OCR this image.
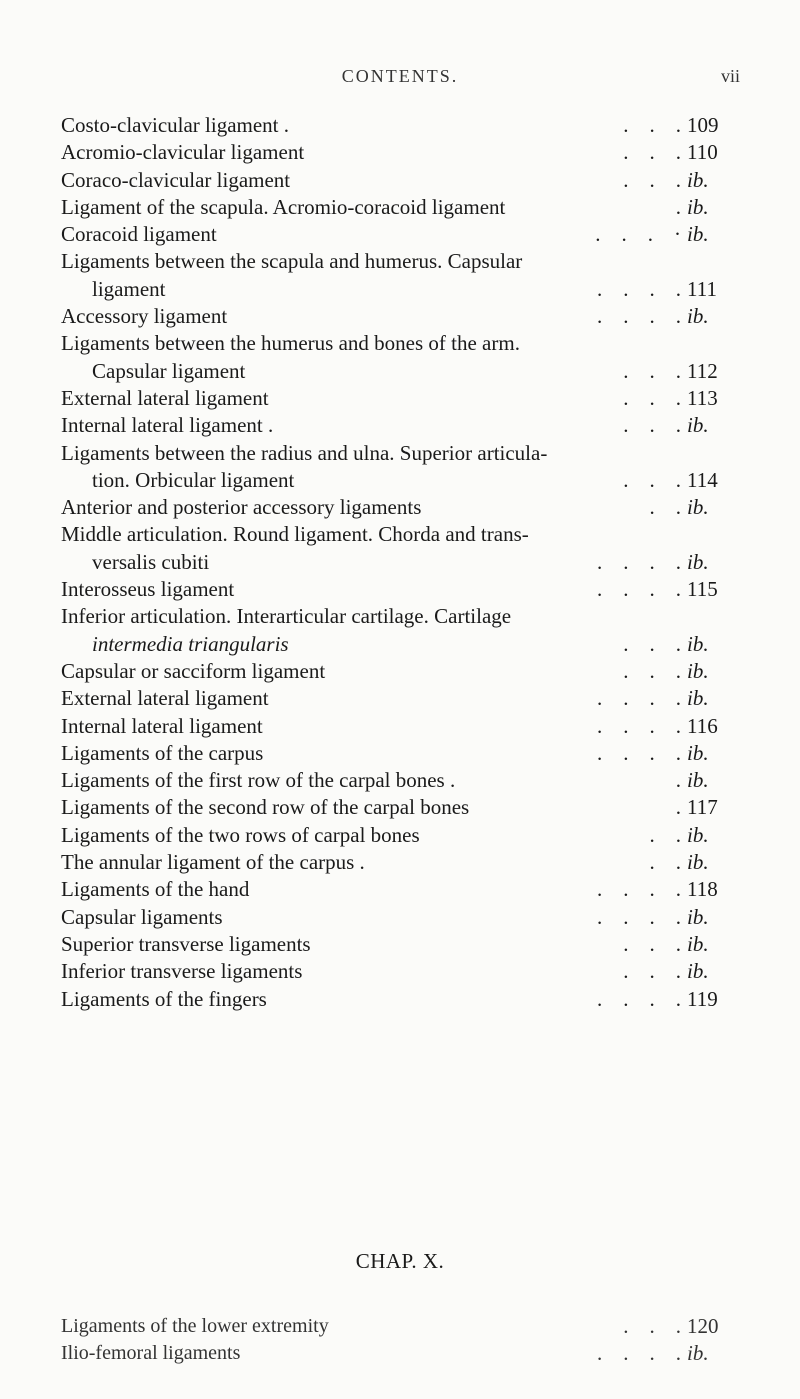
CONTENTS.	vii
Costo-clavicular ligament .	.    .    . 109
Acromio-clavicular ligament	.    .    . 110
Coraco-clavicular ligament	.    .    . ib.
Ligament of the scapula. Acromio-coracoid ligament	. ib.
Coracoid ligament	.    .    .    · ib.
Ligaments between the scapula and humerus. Capsular
ligament	.    .    .    . 111
Accessory ligament	.    .    .    . ib.
Ligaments between the humerus and bones of the arm.
Capsular ligament	.    .    . 112
External lateral ligament	.    .    . 113
Internal lateral ligament .	.    .    . ib.
Ligaments between the radius and ulna. Superior articula-
tion. Orbicular ligament	.    .    . 114
Anterior and posterior accessory ligaments	.    . ib.
Middle articulation. Round ligament. Chorda and trans-
versalis cubiti	.    .    .    . ib.
Interosseus ligament	.    .    .    . 115
Inferior articulation. Interarticular cartilage. Cartilage
intermedia triangularis	.    .    . ib.
Capsular or sacciform ligament	.    .    . ib.
External lateral ligament	.    .    .    . ib.
Internal lateral ligament	.    .    .    . 116
Ligaments of the carpus	.    .    .    . ib.
Ligaments of the first row of the carpal bones .	. ib.
Ligaments of the second row of the carpal bones	. 117
Ligaments of the two rows of carpal bones	.    . ib.
The annular ligament of the carpus .	.    . ib.
Ligaments of the hand	.    .    .    . 118
Capsular ligaments	.    .    .    . ib.
Superior transverse ligaments	.    .    . ib.
Inferior transverse ligaments	.    .    . ib.
Ligaments of the fingers	.    .    .    . 119
CHAP. X.
Ligaments of the lower extremity	.    .    . 120
Ilio-femoral ligaments	.    .    .    . ib.
